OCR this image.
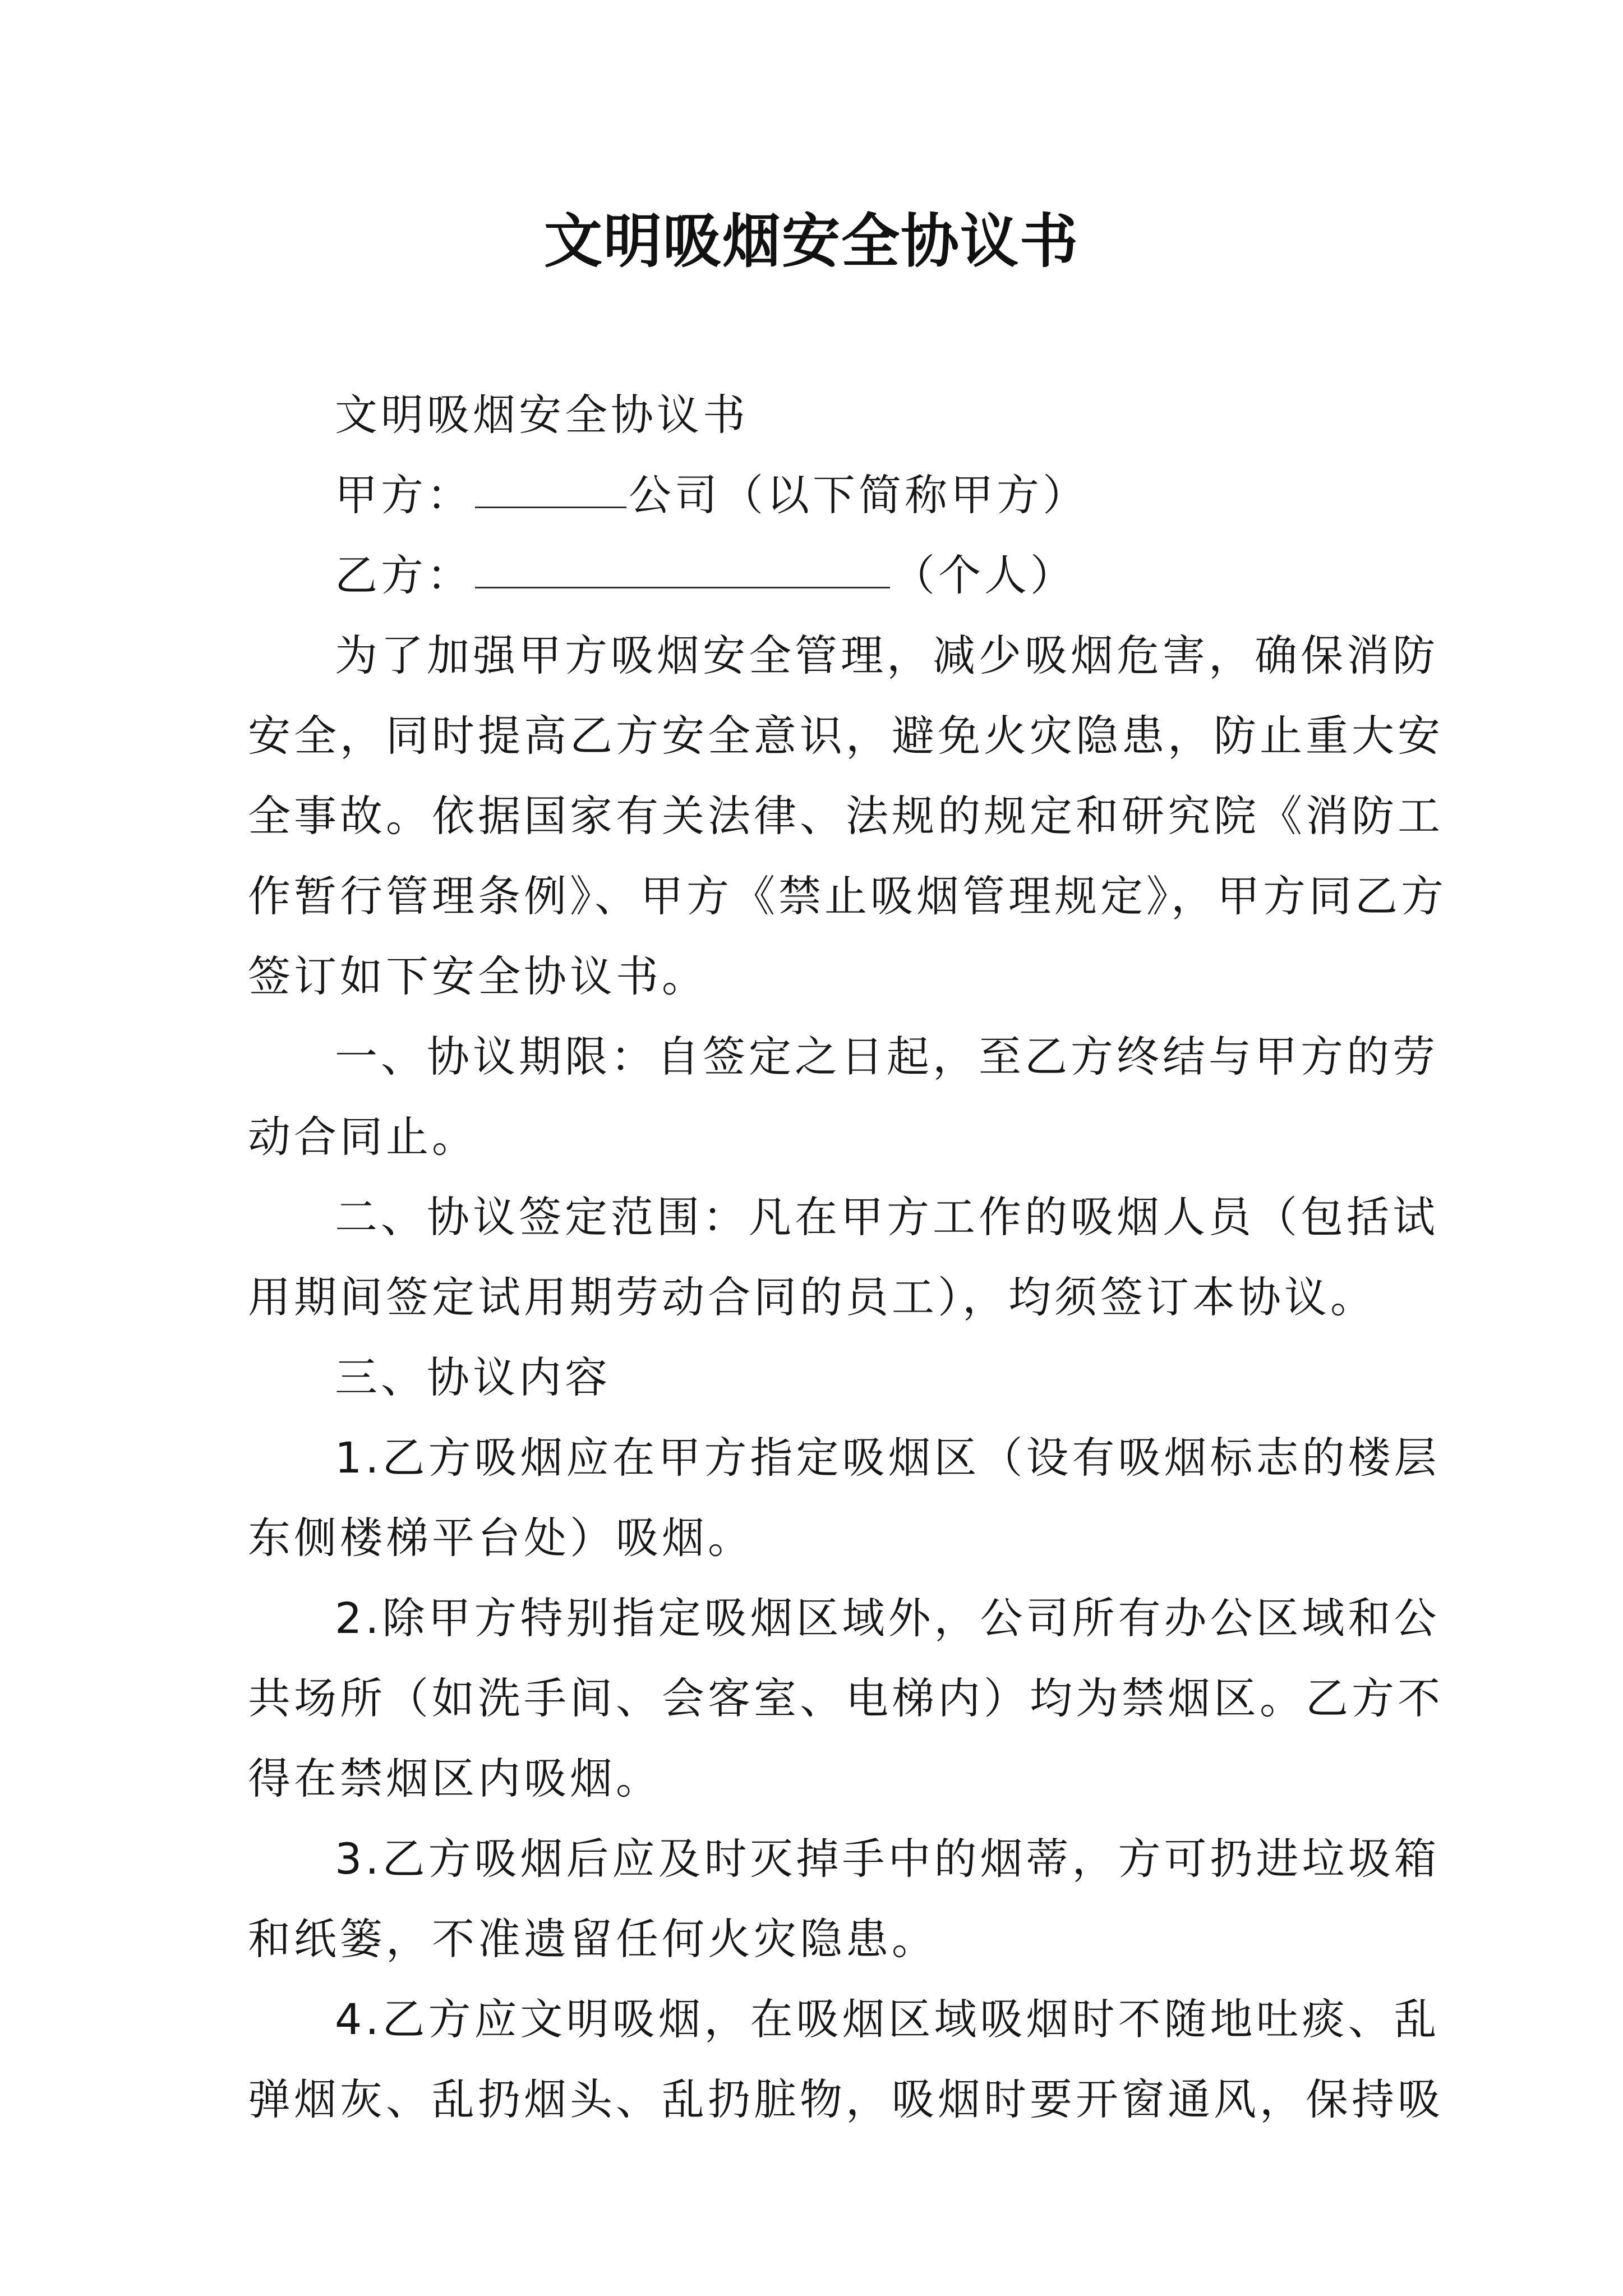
文明吸烟安全协议书
文明吸烟安全协议书
甲方：	公司（以下简称甲方）
乙方：	（个人）
为了加强甲方吸烟安全管理，减少吸烟危害，确保消防
安全，同时提高乙方安全意识，避免火灾隐患，防止重大安
全事故。依据国家有关法律、法规的规定和研究院《消防工
作暂行管理条例》、甲方《禁止吸烟管理规定》，甲方同乙方
签订如下安全协议书。
一、协议期限：自签定之日起，至乙方终结与甲方的劳
动合同止。
二、协议签定范围：凡在甲方工作的吸烟人员（包括试
用期间签定试用期劳动合同的员工），均须签订本协议。
三、协议内容
1.乙方吸烟应在甲方指定吸烟区（设有吸烟标志的楼层
东侧楼梯平台处）吸烟。
2.除甲方特别指定吸烟区域外，公司所有办公区域和公
共场所（如洗手间、会客室、电梯内）均为禁烟区。乙方不
得在禁烟区内吸烟。
3.乙方吸烟后应及时灭掉手中的烟蒂，方可扔进垃圾箱
和纸篓，不准遗留任何火灾隐患。
4.乙方应文明吸烟，在吸烟区域吸烟时不随地吐痰、乱
弹烟灰、乱扔烟头、乱扔脏物，吸烟时要开窗通风，保持吸
